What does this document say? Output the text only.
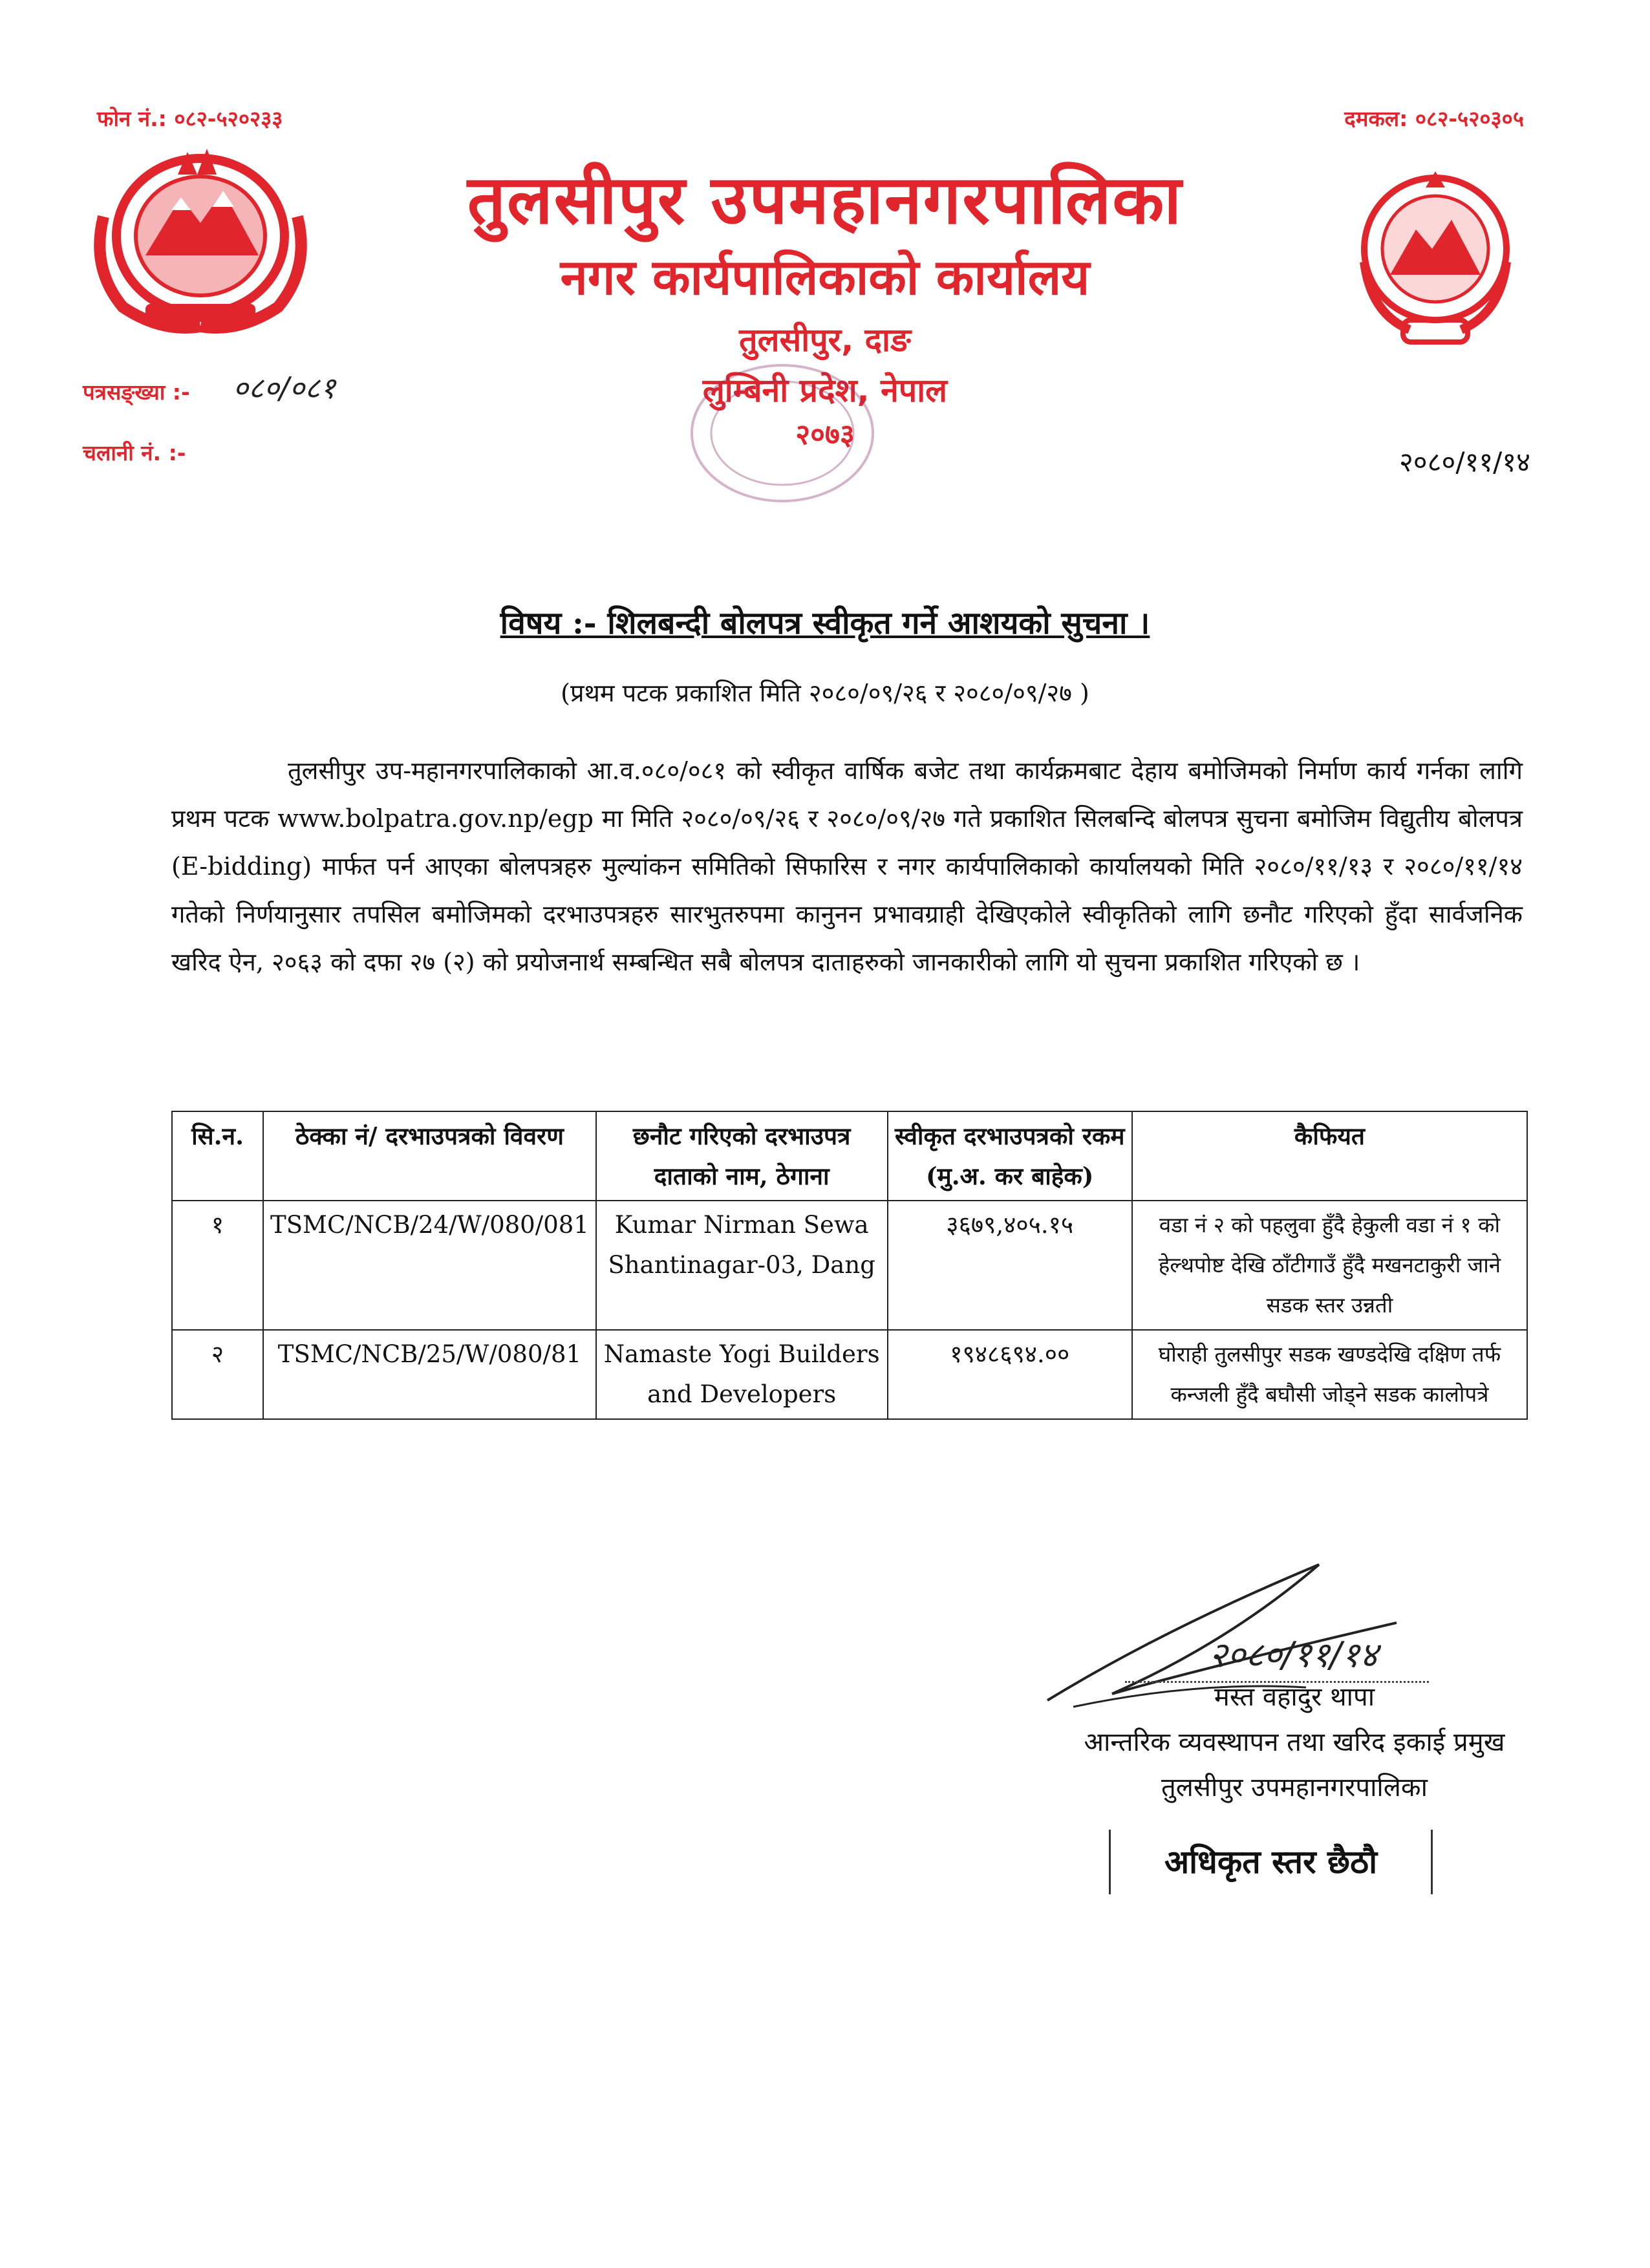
फोन नं.: ०८२-५२०२३३	दमकल: ०८२-५२०३०५
तुलसीपुर उपमहानगरपालिका
नगर कार्यपालिकाको कार्यालय
तुलसीपुर, दाङ
लुम्बिनी प्रदेश, नेपाल
२०७३
पत्रसङ्ख्या :- ०८०/०८१
चलानी नं. :-	२०८०/११/१४
विषय :- शिलबन्दी बोलपत्र स्वीकृत गर्ने आशयको सुचना ।
(प्रथम पटक प्रकाशित मिति २०८०/०९/२६ र २०८०/०९/२७ )
तुलसीपुर उप-महानगरपालिकाको आ.व.०८०/०८१ को स्वीकृत वार्षिक बजेट तथा कार्यक्रमबाट देहाय बमोजिमको निर्माण कार्य गर्नका लागि प्रथम पटक www.bolpatra.gov.np/egp मा मिति २०८०/०९/२६ र २०८०/०९/२७ गते प्रकाशित सिलबन्दि बोलपत्र सुचना बमोजिम विद्युतीय बोलपत्र (E-bidding) मार्फत पर्न आएका बोलपत्रहरु मुल्यांकन समितिको सिफारिस र नगर कार्यपालिकाको कार्यालयको मिति २०८०/११/१३ र २०८०/११/१४ गतेको निर्णयानुसार तपसिल बमोजिमको दरभाउपत्रहरु सारभुतरुपमा कानुनन प्रभावग्राही देखिएकोले स्वीकृतिको लागि छनौट गरिएको हुँदा सार्वजनिक खरिद ऐन, २०६३ को दफा २७ (२) को प्रयोजनार्थ सम्बन्धित सबै बोलपत्र दाताहरुको जानकारीको लागि यो सुचना प्रकाशित गरिएको छ ।
सि.न.	ठेक्का नं/ दरभाउपत्रको विवरण	छनौट गरिएको दरभाउपत्र दाताको नाम, ठेगाना	स्वीकृत दरभाउपत्रको रकम (मु.अ. कर बाहेक)	कैफियत
१	TSMC/NCB/24/W/080/081	Kumar Nirman Sewa Shantinagar-03, Dang	३६७९,४०५.१५	वडा नं २ को पहलुवा हुँदै हेकुली वडा नं १ को हेल्थपोष्ट देखि ठाँटीगाउँ हुँदै मखनटाकुरी जाने सडक स्तर उन्नती
२	TSMC/NCB/25/W/080/81	Namaste Yogi Builders and Developers	१९४८६९४.००	घोराही तुलसीपुर सडक खण्डदेखि दक्षिण तर्फ कन्जली हुँदै बघौसी जोड्ने सडक कालोपत्रे
२०८०/११/१४
मस्त वहादुर थापा
आन्तरिक व्यवस्थापन तथा खरिद इकाई प्रमुख
तुलसीपुर उपमहानगरपालिका
अधिकृत स्तर छैठौ
